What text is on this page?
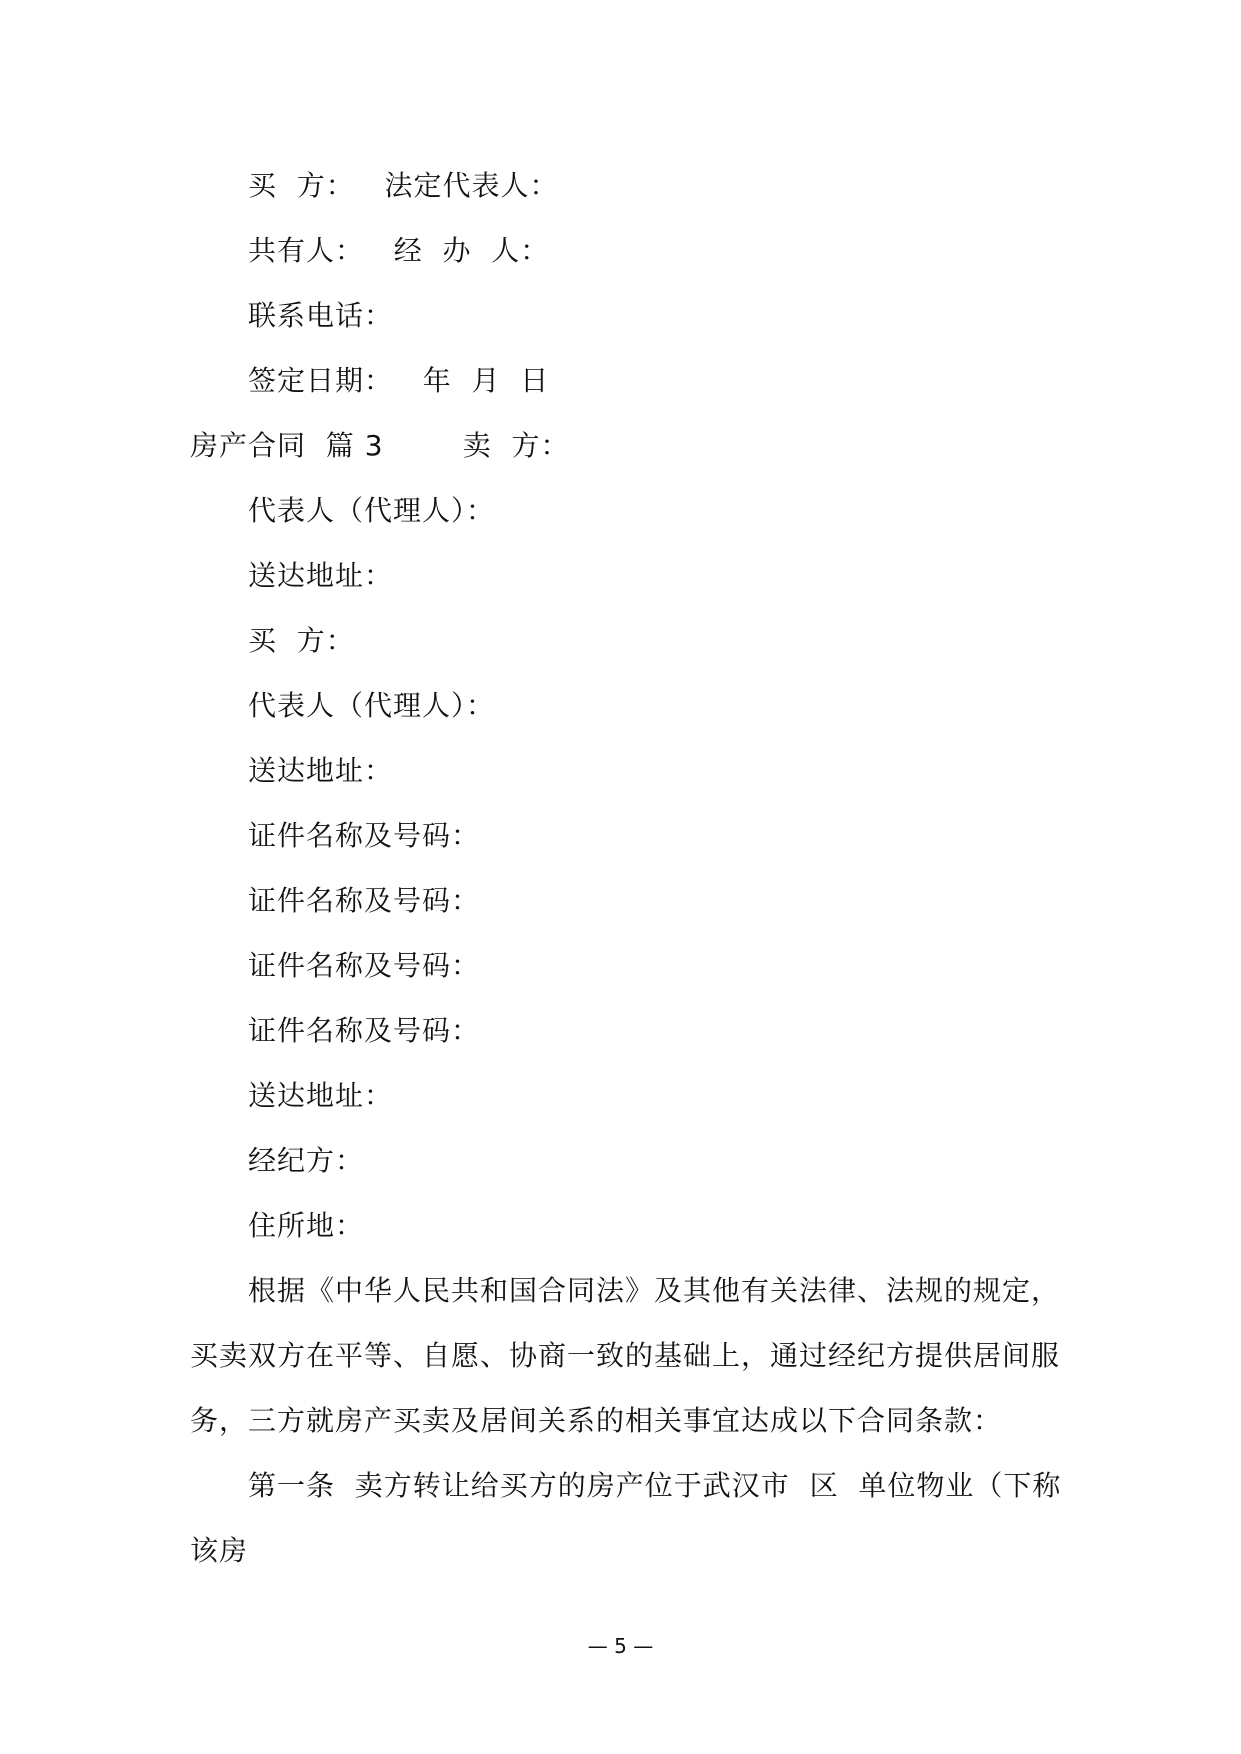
买  方：   法定代表人：
共有人：   经  办  人：
联系电话：
签定日期：   年  月  日
房产合同  篇 3        卖  方：
代表人（代理人）：
送达地址：
买  方：
代表人（代理人）：
送达地址：
证件名称及号码：
证件名称及号码：
证件名称及号码：
证件名称及号码：
送达地址：
经纪方：
住所地：
根据《中华人民共和国合同法》及其他有关法律、法规的规定，
买卖双方在平等、自愿、协商一致的基础上，通过经纪方提供居间服
务，三方就房产买卖及居间关系的相关事宜达成以下合同条款：
第一条  卖方转让给买方的房产位于武汉市  区  单位物业（下称
该房
— 5 —
